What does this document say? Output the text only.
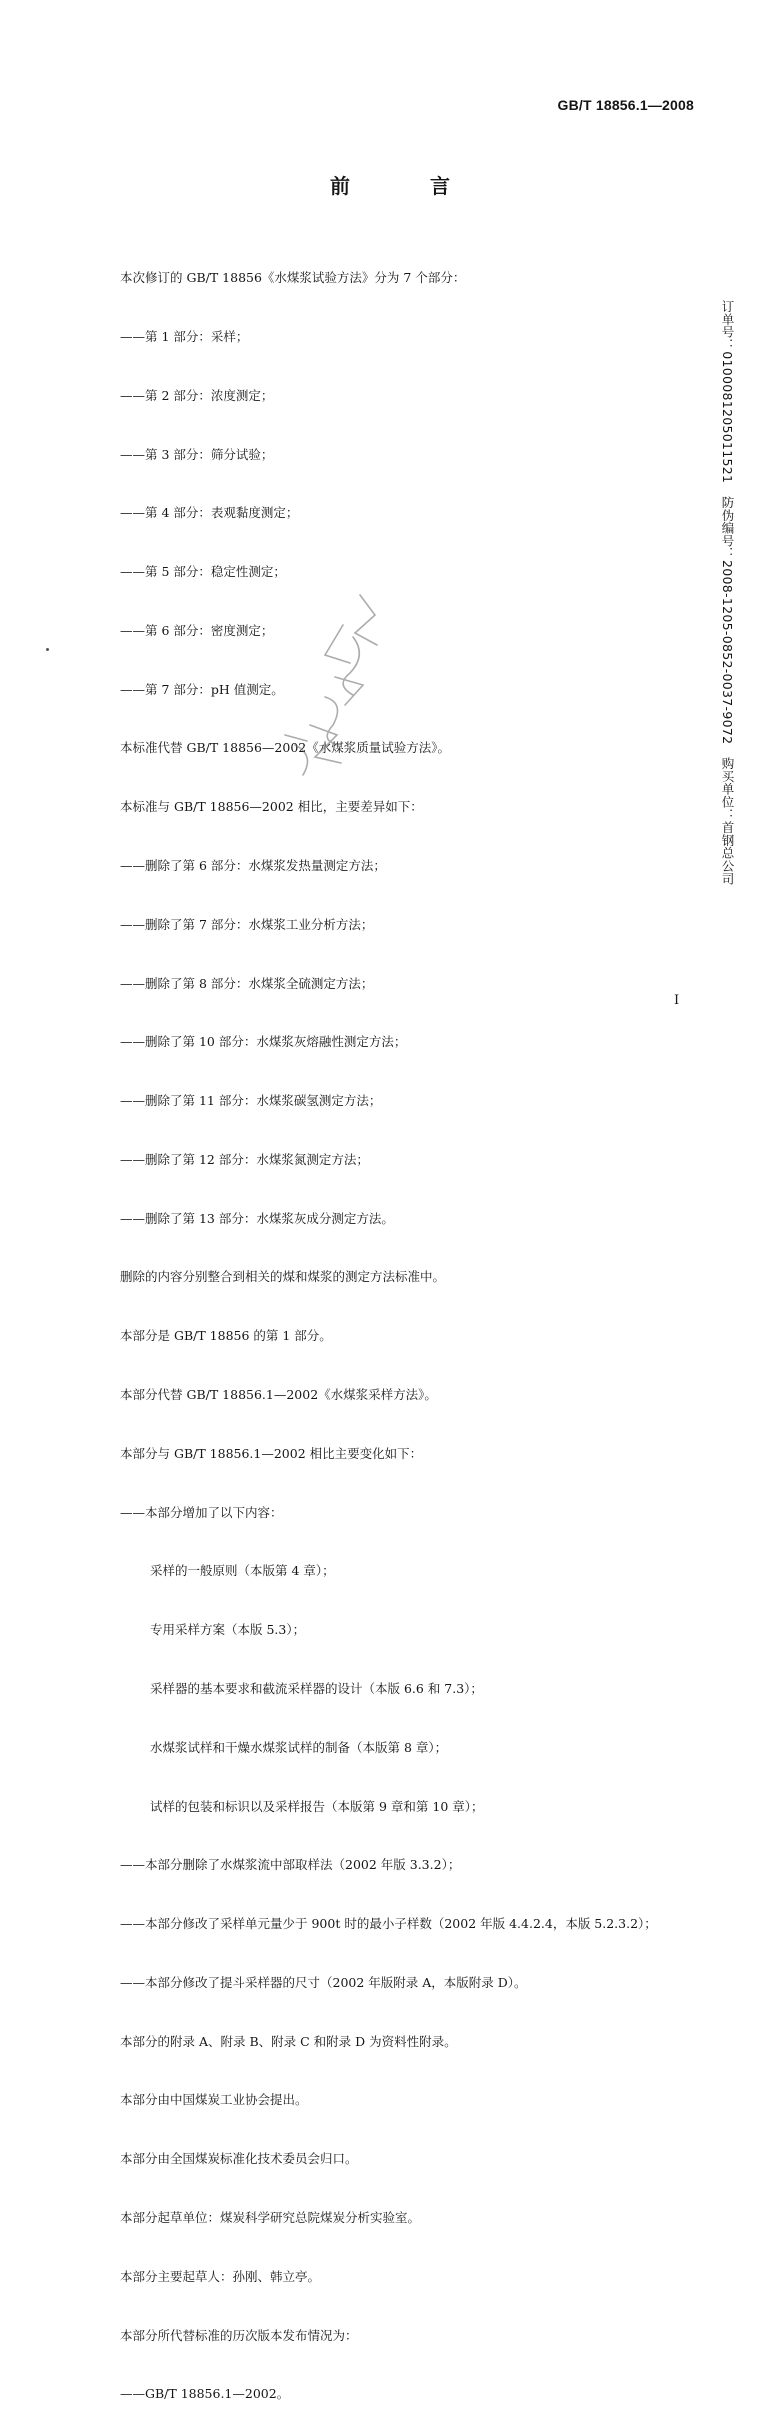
GB/T 18856.1—2008
前　言

本次修订的 GB/T 18856《水煤浆试验方法》分为 7 个部分：

——第 1 部分：采样；

——第 2 部分：浓度测定；

——第 3 部分：筛分试验；

——第 4 部分：表观黏度测定；

——第 5 部分：稳定性测定；

——第 6 部分：密度测定；

——第 7 部分：pH 值测定。

本标准代替 GB/T 18856—2002《水煤浆质量试验方法》。

本标准与 GB/T 18856—2002 相比，主要差异如下：

——删除了第 6 部分：水煤浆发热量测定方法；

——删除了第 7 部分：水煤浆工业分析方法；

——删除了第 8 部分：水煤浆全硫测定方法；

——删除了第 10 部分：水煤浆灰熔融性测定方法；

——删除了第 11 部分：水煤浆碳氢测定方法；

——删除了第 12 部分：水煤浆氮测定方法；

——删除了第 13 部分：水煤浆灰成分测定方法。

删除的内容分别整合到相关的煤和煤浆的测定方法标准中。

本部分是 GB/T 18856 的第 1 部分。

本部分代替 GB/T 18856.1—2002《水煤浆采样方法》。

本部分与 GB/T 18856.1—2002 相比主要变化如下：

——本部分增加了以下内容：

采样的一般原则（本版第 4 章）；

专用采样方案（本版 5.3）；

采样器的基本要求和截流采样器的设计（本版 6.6 和 7.3）；

水煤浆试样和干燥水煤浆试样的制备（本版第 8 章）；

试样的包装和标识以及采样报告（本版第 9 章和第 10 章）；

——本部分删除了水煤浆流中部取样法（2002 年版 3.3.2）；

——本部分修改了采样单元量少于 900t 时的最小子样数（2002 年版 4.4.2.4，本版 5.2.3.2）；

——本部分修改了提斗采样器的尺寸（2002 年版附录 A，本版附录 D）。

本部分的附录 A、附录 B、附录 C 和附录 D 为资料性附录。

本部分由中国煤炭工业协会提出。

本部分由全国煤炭标准化技术委员会归口。

本部分起草单位：煤炭科学研究总院煤炭分析实验室。

本部分主要起草人：孙刚、韩立亭。

本部分所代替标准的历次版本发布情况为：

——GB/T 18856.1—2002。

订单号：0100081205011521　防伪编号：2008-1205-0852-0037-9072　购买单位：首钢总公司
I
